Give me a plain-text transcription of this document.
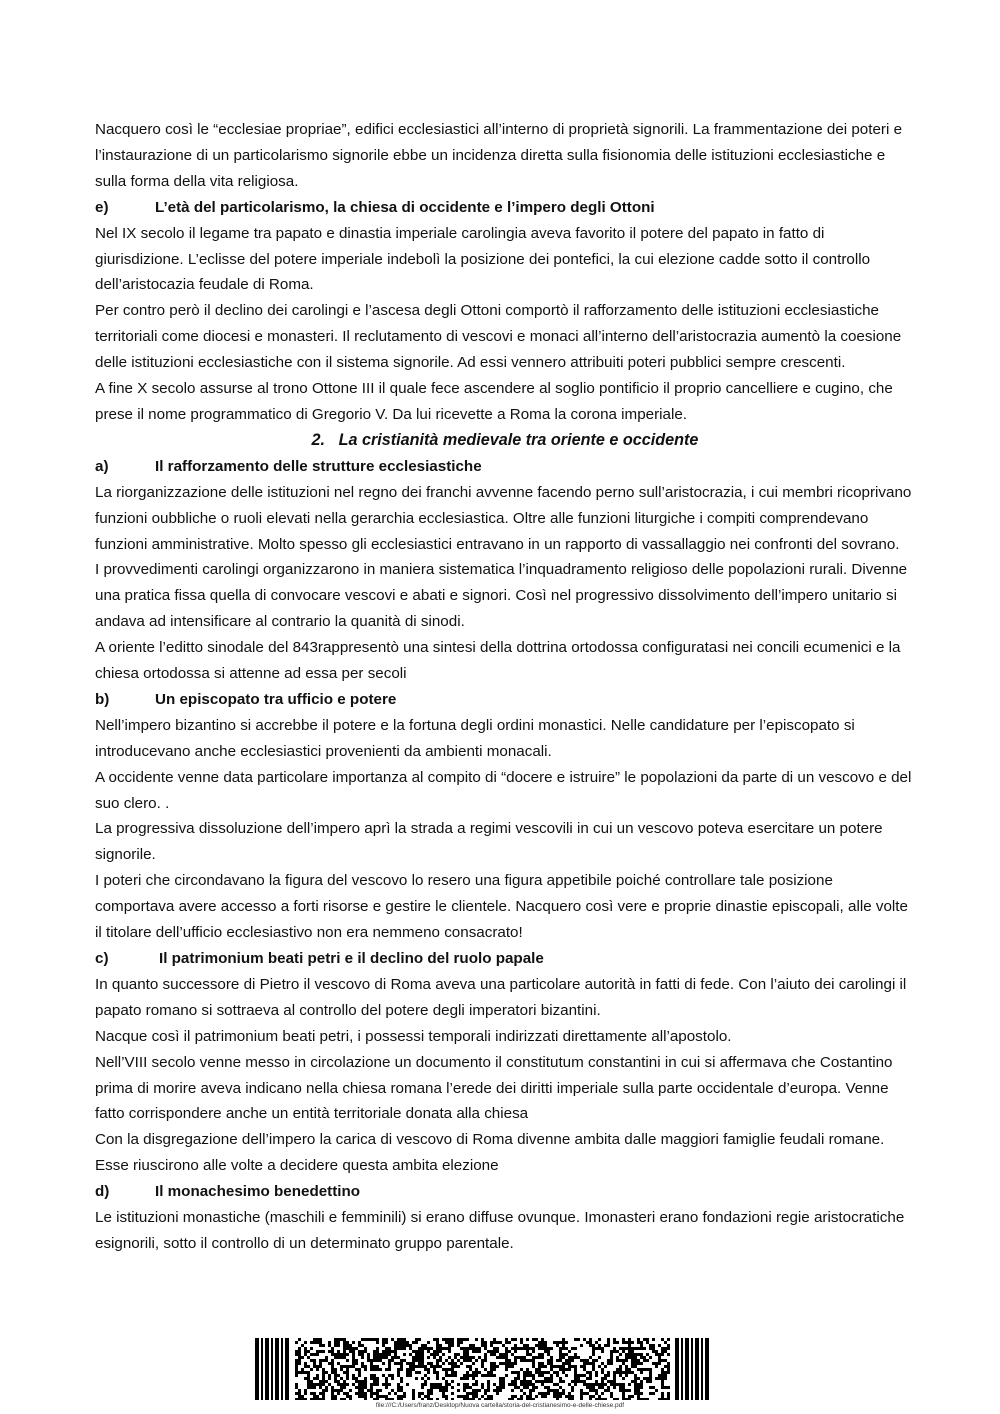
Nacquero così le “ecclesiae propriae”, edifici ecclesiastici all’interno di proprietà signorili. La frammentazione dei poteri e l’instaurazione di un particolarismo signorile ebbe un incidenza diretta sulla fisionomia delle istituzioni ecclesiastiche e sulla forma della vita religiosa.

e)	L’età del particolarismo, la chiesa di occidente e l’impero degli Ottoni

Nel IX secolo il legame tra papato e dinastia imperiale carolingia aveva favorito il potere del papato in fatto di giurisdizione. L’eclisse del potere imperiale indebolì la posizione dei pontefici, la cui elezione cadde sotto il controllo dell’aristocazia feudale di Roma.

Per contro però il declino dei carolingi e l’ascesa degli Ottoni comportò il rafforzamento delle istituzioni ecclesiastiche territoriali come diocesi e monasteri. Il reclutamento di vescovi e monaci all’interno dell’aristocrazia aumentò la coesione delle istituzioni ecclesiastiche con il sistema signorile. Ad essi vennero attribuiti poteri pubblici sempre crescenti.

A fine X secolo assurse al trono Ottone III il quale fece ascendere al soglio pontificio il proprio cancelliere e cugino, che prese il nome programmatico di Gregorio V. Da lui ricevette a Roma la corona imperiale.

2. La cristianità medievale tra oriente e occidente
a)	Il rafforzamento delle strutture ecclesiastiche

La riorganizzazione delle istituzioni nel regno dei franchi avvenne facendo perno sull’aristocrazia, i cui membri ricoprivano funzioni oubbliche o ruoli elevati nella gerarchia ecclesiastica. Oltre alle funzioni liturgiche i compiti comprendevano funzioni amministrative. Molto spesso gli ecclesiastici entravano in un rapporto di vassallaggio nei confronti del sovrano.

I provvedimenti carolingi organizzarono in maniera sistematica l’inquadramento religioso delle popolazioni rurali. Divenne una pratica fissa quella di convocare vescovi e abati e signori. Così nel progressivo dissolvimento dell’impero unitario si andava ad intensificare al contrario la quanità di sinodi.

A oriente l’editto sinodale del 843rappresentò una sintesi della dottrina ortodossa configuratasi nei concili ecumenici e la chiesa ortodossa si attenne ad essa per secoli

b)	Un episcopato tra ufficio e potere

Nell’impero bizantino si accrebbe il potere e la fortuna degli ordini monastici. Nelle candidature per l’episcopato si introducevano anche ecclesiastici provenienti da ambienti monacali.

A occidente venne data particolare importanza al compito di “docere e istruire” le popolazioni da parte di un vescovo e del suo clero. .

La progressiva dissoluzione dell’impero aprì la strada a regimi vescovili in cui un vescovo poteva esercitare un potere signorile.

I poteri che circondavano la figura del vescovo lo resero una figura appetibile poiché controllare tale posizione comportava avere accesso a forti risorse e gestire le clientele. Nacquero così vere e proprie dinastie episcopali, alle volte il titolare dell’ufficio ecclesiastivo non era nemmeno consacrato!

c)	Il patrimonium beati petri e il declino del ruolo papale

In quanto successore di Pietro il vescovo di Roma aveva una particolare autorità in fatti di fede. Con l’aiuto dei carolingi il papato romano si sottraeva al controllo del potere degli imperatori bizantini.

Nacque così il patrimonium beati petri, i possessi temporali indirizzati direttamente all’apostolo.

Nell’VIII secolo venne messo in circolazione un documento il constitutum constantini in cui si affermava che Costantino prima di morire aveva indicano nella chiesa romana l’erede dei diritti imperiale sulla parte occidentale d’europa. Venne fatto corrispondere anche un entità territoriale donata alla chiesa

Con la disgregazione dell’impero la carica di vescovo di Roma divenne ambita dalle maggiori famiglie feudali romane. Esse riuscirono alle volte a decidere questa ambita elezione

d)	Il monachesimo benedettino

Le istituzioni monastiche (maschili e femminili) si erano diffuse ovunque. Imonasteri erano fondazioni regie aristocratiche esignorili, sotto il controllo di un determinato gruppo parentale.

file:///C:/Users/franz/Desktop/Nuova cartella/storia-del-cristianesimo-e-delle-chiese.pdf
